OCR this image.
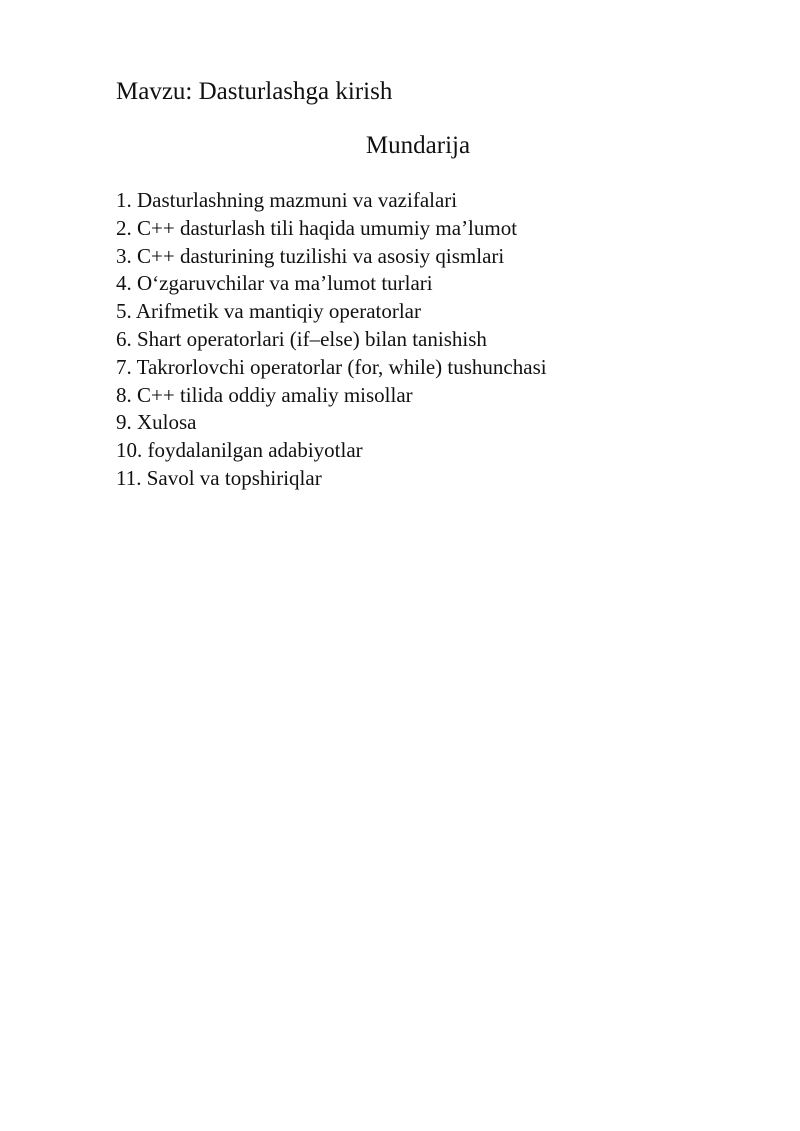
Mavzu: Dasturlashga kirish
Mundarija
1. Dasturlashning mazmuni va vazifalari
2. C++ dasturlash tili haqida umumiy ma’lumot
3. C++ dasturining tuzilishi va asosiy qismlari
4. O‘zgaruvchilar va ma’lumot turlari
5. Arifmetik va mantiqiy operatorlar
6. Shart operatorlari (if–else) bilan tanishish
7. Takrorlovchi operatorlar (for, while) tushunchasi
8. C++ tilida oddiy amaliy misollar
9. Xulosa
10. foydalanilgan adabiyotlar
11. Savol va topshiriqlar
